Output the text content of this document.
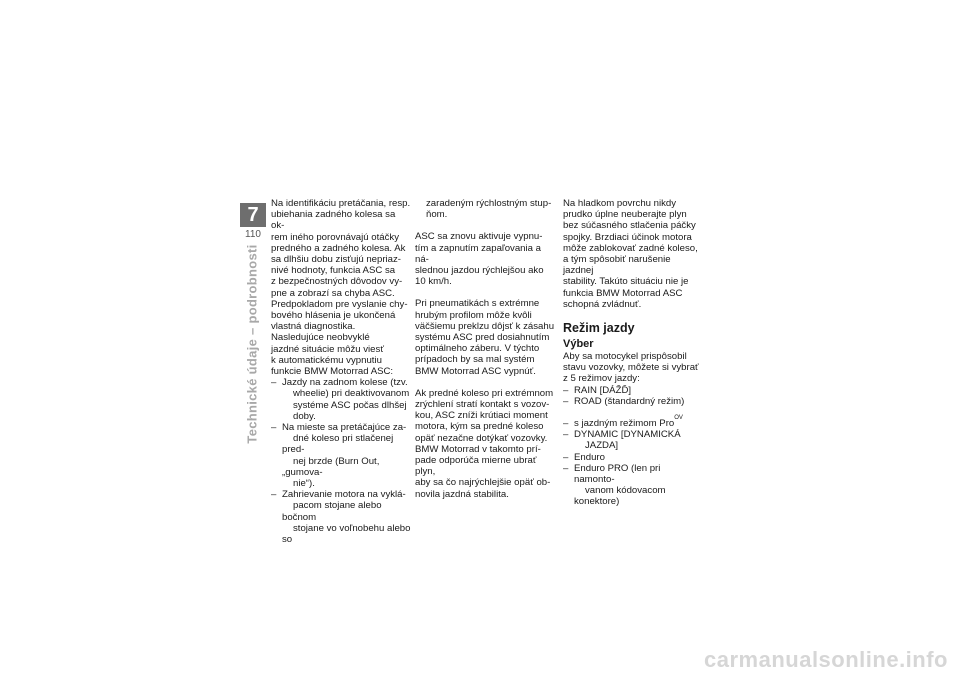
7
110
Technické údaje – podrobnosti

Na identifikáciu pretáčania, resp.
ubiehania zadného kolesa sa ok-
rem iného porovnávajú otáčky
predného a zadného kolesa. Ak
sa dlhšiu dobu zisťujú nepriaz-
nivé hodnoty, funkcia ASC sa
z bezpečnostných dôvodov vy-
pne a zobrazí sa chyba ASC.
Predpokladom pre vyslanie chy-
bového hlásenia je ukončená
vlastná diagnostika.

Nasledujúce neobvyklé
jazdné situácie môžu viesť
k automatickému vypnutiu
funkcie BMW Motorrad ASC:

– Jazdy na zadnom kolese (tzv.
wheelie) pri deaktivovanom
systéme ASC počas dlhšej
doby.

– Na mieste sa pretáčajúce za-
dné koleso pri stlačenej pred-
nej brzde (Burn Out, „gumova-
nie“).

– Zahrievanie motora na vyklá-
pacom stojane alebo bočnom
stojane vo voľnobehu alebo so

zaradeným rýchlostným stup-
ňom.

ASC sa znovu aktivuje vypnu-
tím a zapnutím zapaľovania a ná-
slednou jazdou rýchlejšou ako
10 km/h.

Pri pneumatikách s extrémne
hrubým profilom môže kvôli
väčšiemu preklzu dôjsť k zásahu
systému ASC pred dosiahnutím
optimálneho záberu. V týchto
prípadoch by sa mal systém
BMW Motorrad ASC vypnúť.

Ak predné koleso pri extrémnom
zrýchlení stratí kontakt s vozov-
kou, ASC zníži krútiaci moment
motora, kým sa predné koleso
opäť nezačne dotýkať vozovky.
BMW Motorrad v takomto prí-
pade odporúča mierne ubrať plyn,
aby sa čo najrýchlejšie opäť ob-
novila jazdná stabilita.

Na hladkom povrchu nikdy
prudko úplne neuberajte plyn
bez súčasného stlačenia páčky
spojky. Brzdiaci účinok motora
môže zablokovať zadné koleso,
a tým spôsobiť narušenie jazdnej
stability. Takúto situáciu nie je
funkcia BMW Motorrad ASC
schopná zvládnuť.

Režim jazdy
Výber

Aby sa motocykel prispôsobil
stavu vozovky, môžete si vybrať
z 5 režimov jazdy:

– RAIN [DÁŽĎ]

– ROAD (štandardný režim)

– s jazdným režimom Pro$^{OV}$

– DYNAMIC [DYNAMICKÁ
JAZDA]

– Enduro

– Enduro PRO (len pri namonto-
vanom kódovacom konektore)

carmanualsonline.info
